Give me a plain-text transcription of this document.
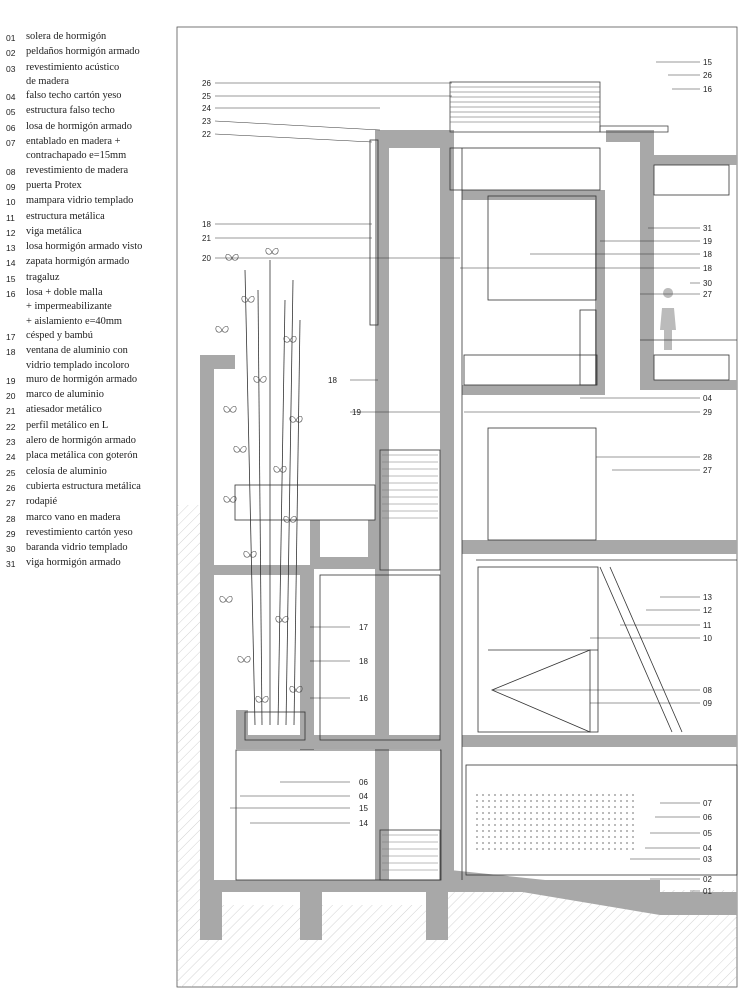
01	solera de hormigón
02	peldaños hormigón armado
03	revestimiento acústico
de madera
04	falso techo cartón yeso
05	estructura falso techo
06	losa de hormigón armado
07	entablado en madera +
contrachapado e=15mm
08	revestimiento de madera
09	puerta Protex
10	mampara vidrio templado
11	estructura metálica
12	viga metálica
13	losa hormigón armado visto
14	zapata hormigón armado
15	tragaluz
16	losa + doble malla
+ impermeabilizante
+ aislamiento e=40mm
17	césped y bambú
18	ventana de aluminio con
vidrio templado incoloro
19	muro de hormigón armado
20	marco de aluminio
21	atiesador metálico
22	perfil metálico en L
23	alero de hormigón armado
24	placa metálica con goterón
25	celosía de aluminio
26	cubierta estructura metálica
27	rodapié
28	marco vano en madera
29	revestimiento cartón yeso
30	baranda vidrio templado
31	viga hormigón armado
26
25
24
23
22
18
21
20
18
19
17
18
16
06
04
15
14
15
26
16
31
19
18
18
30
27
04
29
28
27
13
12
11
10
08
09
07
06
05
04
03
02
01
